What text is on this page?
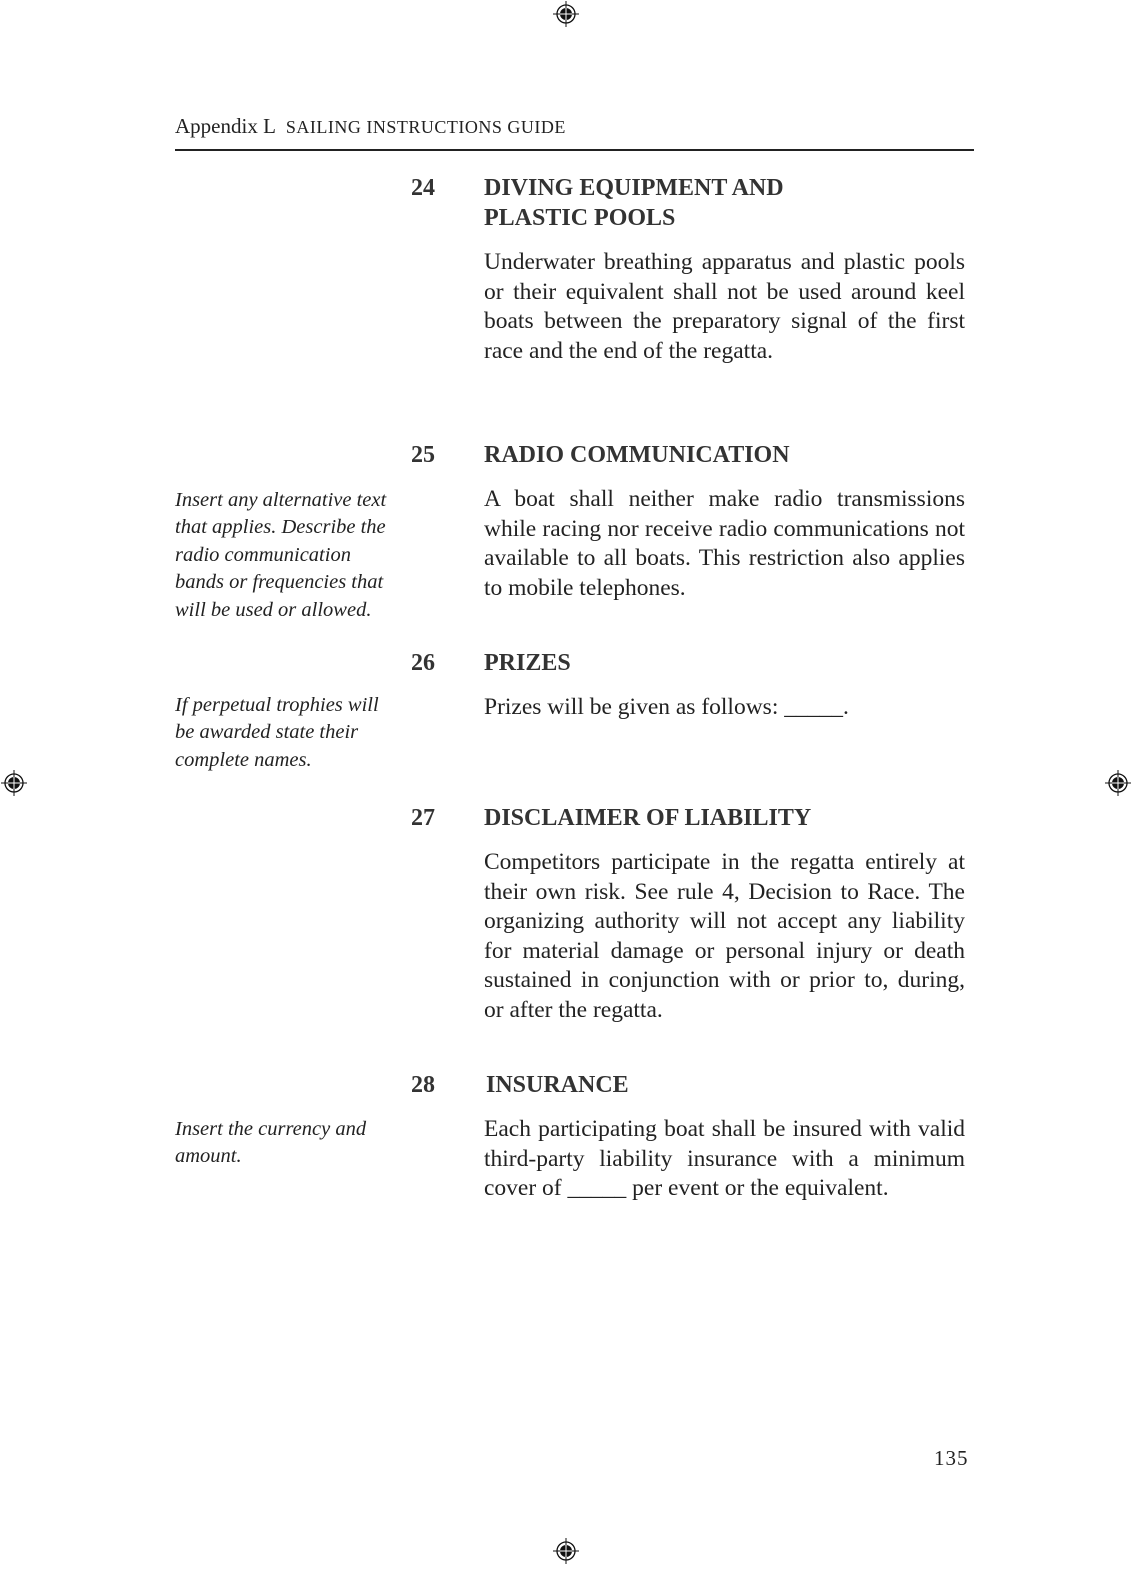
Appendix L SAILING INSTRUCTIONS GUIDE
24 DIVING EQUIPMENT AND
PLASTIC POOLS
Underwater breathing apparatus and plastic pools or their equivalent shall not be used around keel boats between the preparatory signal of the first race and the end of the regatta.
25 RADIO COMMUNICATION
A boat shall neither make radio transmissions while racing nor receive radio communications not available to all boats. This restriction also applies to mobile telephones.
Insert any alternative text that applies. Describe the radio communication bands or frequencies that will be used or allowed.
26 PRIZES
Prizes will be given as follows: _____.
If perpetual trophies will be awarded state their complete names.
27 DISCLAIMER OF LIABILITY
Competitors participate in the regatta entirely at their own risk. See rule 4, Decision to Race. The organizing authority will not accept any liability for material damage or personal injury or death sustained in conjunction with or prior to, during, or after the regatta.
28 INSURANCE
Each participating boat shall be insured with valid third-party liability insurance with a minimum cover of _____ per event or the equivalent.
Insert the currency and amount.
135
